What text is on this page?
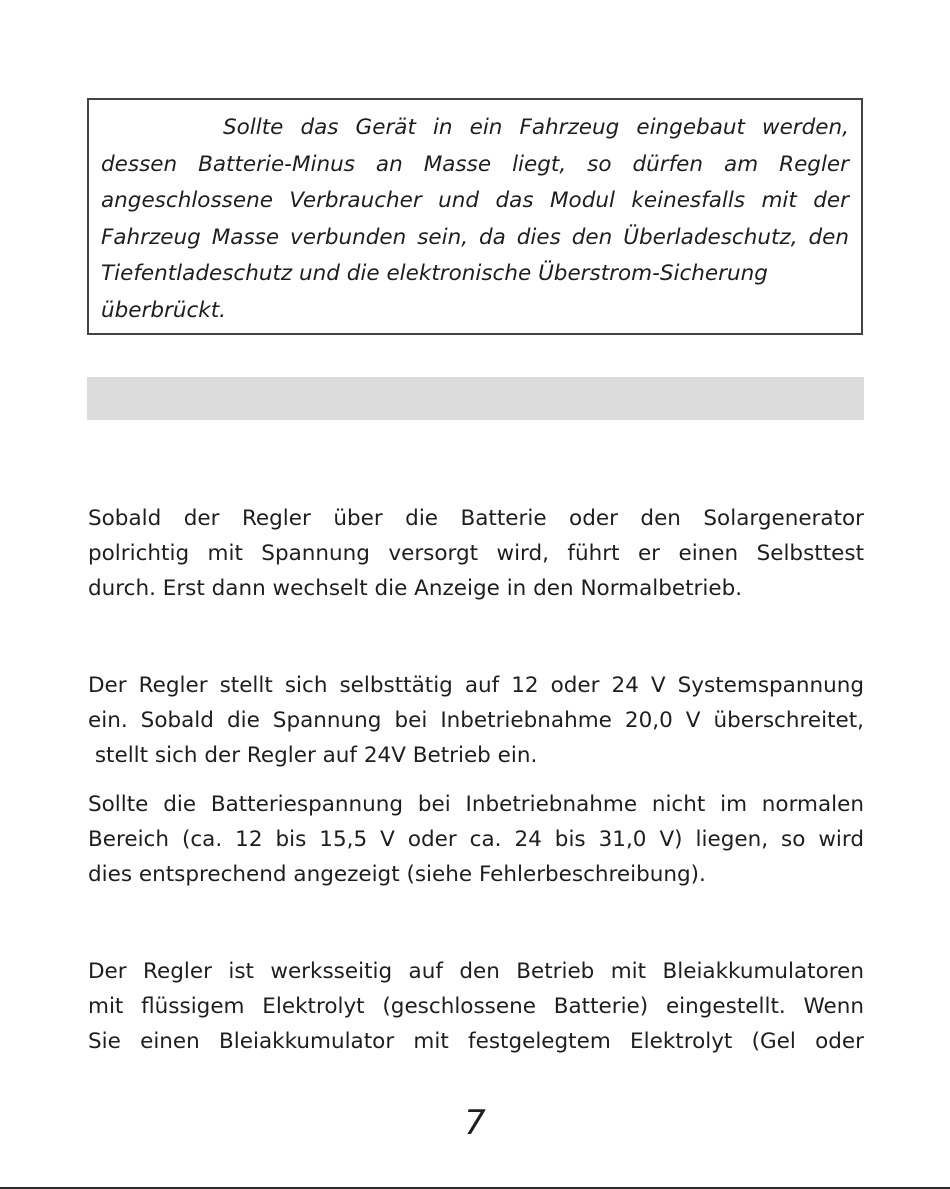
Sollte das Gerät in ein Fahrzeug eingebaut werden, dessen Batterie-Minus an Masse liegt, so dürfen am Regler angeschlossene Verbraucher und das Modul keinesfalls mit der Fahrzeug Masse verbunden sein, da dies den Überladeschutz, den Tiefentladeschutz und die elektronische Überstrom-Sicherung
überbrückt.

Sobald der Regler über die Batterie oder den Solargenerator
polrichtig mit Spannung versorgt wird, führt er einen Selbsttest
durch. Erst dann wechselt die Anzeige in den Normalbetrieb.

Der Regler stellt sich selbsttätig auf 12 oder 24 V Systemspannung
ein. Sobald die Spannung bei Inbetriebnahme 20,0 V überschreitet,
stellt sich der Regler auf 24V Betrieb ein.

Sollte die Batteriespannung bei Inbetriebnahme nicht im normalen
Bereich (ca. 12 bis 15,5 V oder ca. 24 bis 31,0 V) liegen, so wird
dies entsprechend angezeigt (siehe Fehlerbeschreibung).

Der Regler ist werksseitig auf den Betrieb mit Bleiakkumulatoren
mit flüssigem Elektrolyt (geschlossene Batterie) eingestellt. Wenn
Sie einen Bleiakkumulator mit festgelegtem Elektrolyt (Gel oder

7
